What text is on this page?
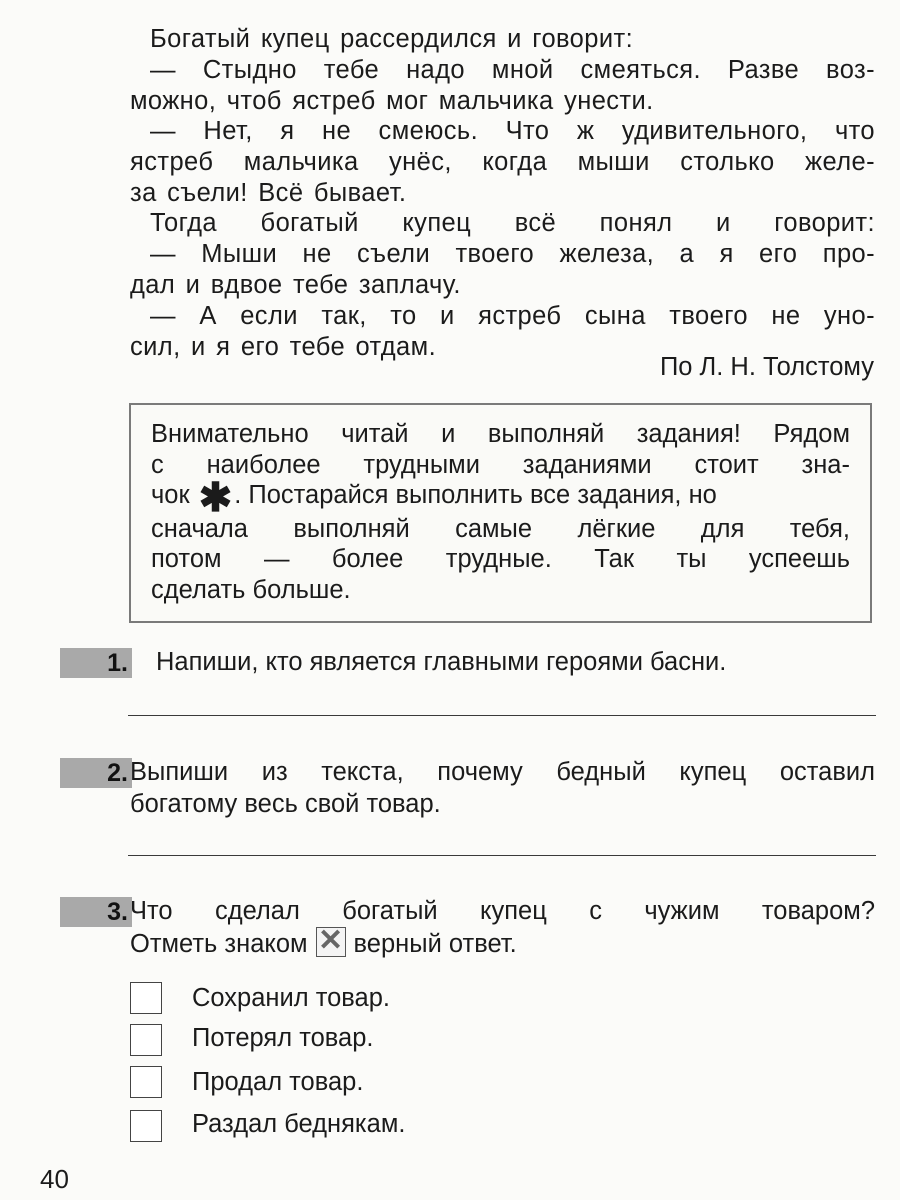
Богатый купец рассердился и говорит:
— Стыдно тебе надо мной смеяться. Разве воз-
можно, чтоб ястреб мог мальчика унести.
— Нет, я не смеюсь. Что ж удивительного, что
ястреб мальчика унёс, когда мыши столько желе-
за съели! Всё бывает.
Тогда богатый купец всё понял и говорит:
— Мыши не съели твоего железа, а я его про-
дал и вдвое тебе заплачу.
— А если так, то и ястреб сына твоего не уно-
сил, и я его тебе отдам.
По Л. Н. Толстому
Внимательно читай и выполняй задания! Рядом
с наиболее трудными заданиями стоит зна-
чок ✱. Постарайся выполнить все задания, но
сначала выполняй самые лёгкие для тебя,
потом — более трудные. Так ты успеешь
сделать больше.
1. Напиши, кто является главными героями басни.
2. Выпиши из текста, почему бедный купец оставил
богатому весь свой товар.
3. Что сделал богатый купец с чужим товаром?
Отметь знаком ✕ верный ответ.
Сохранил товар.
Потерял товар.
Продал товар.
Раздал беднякам.
40
